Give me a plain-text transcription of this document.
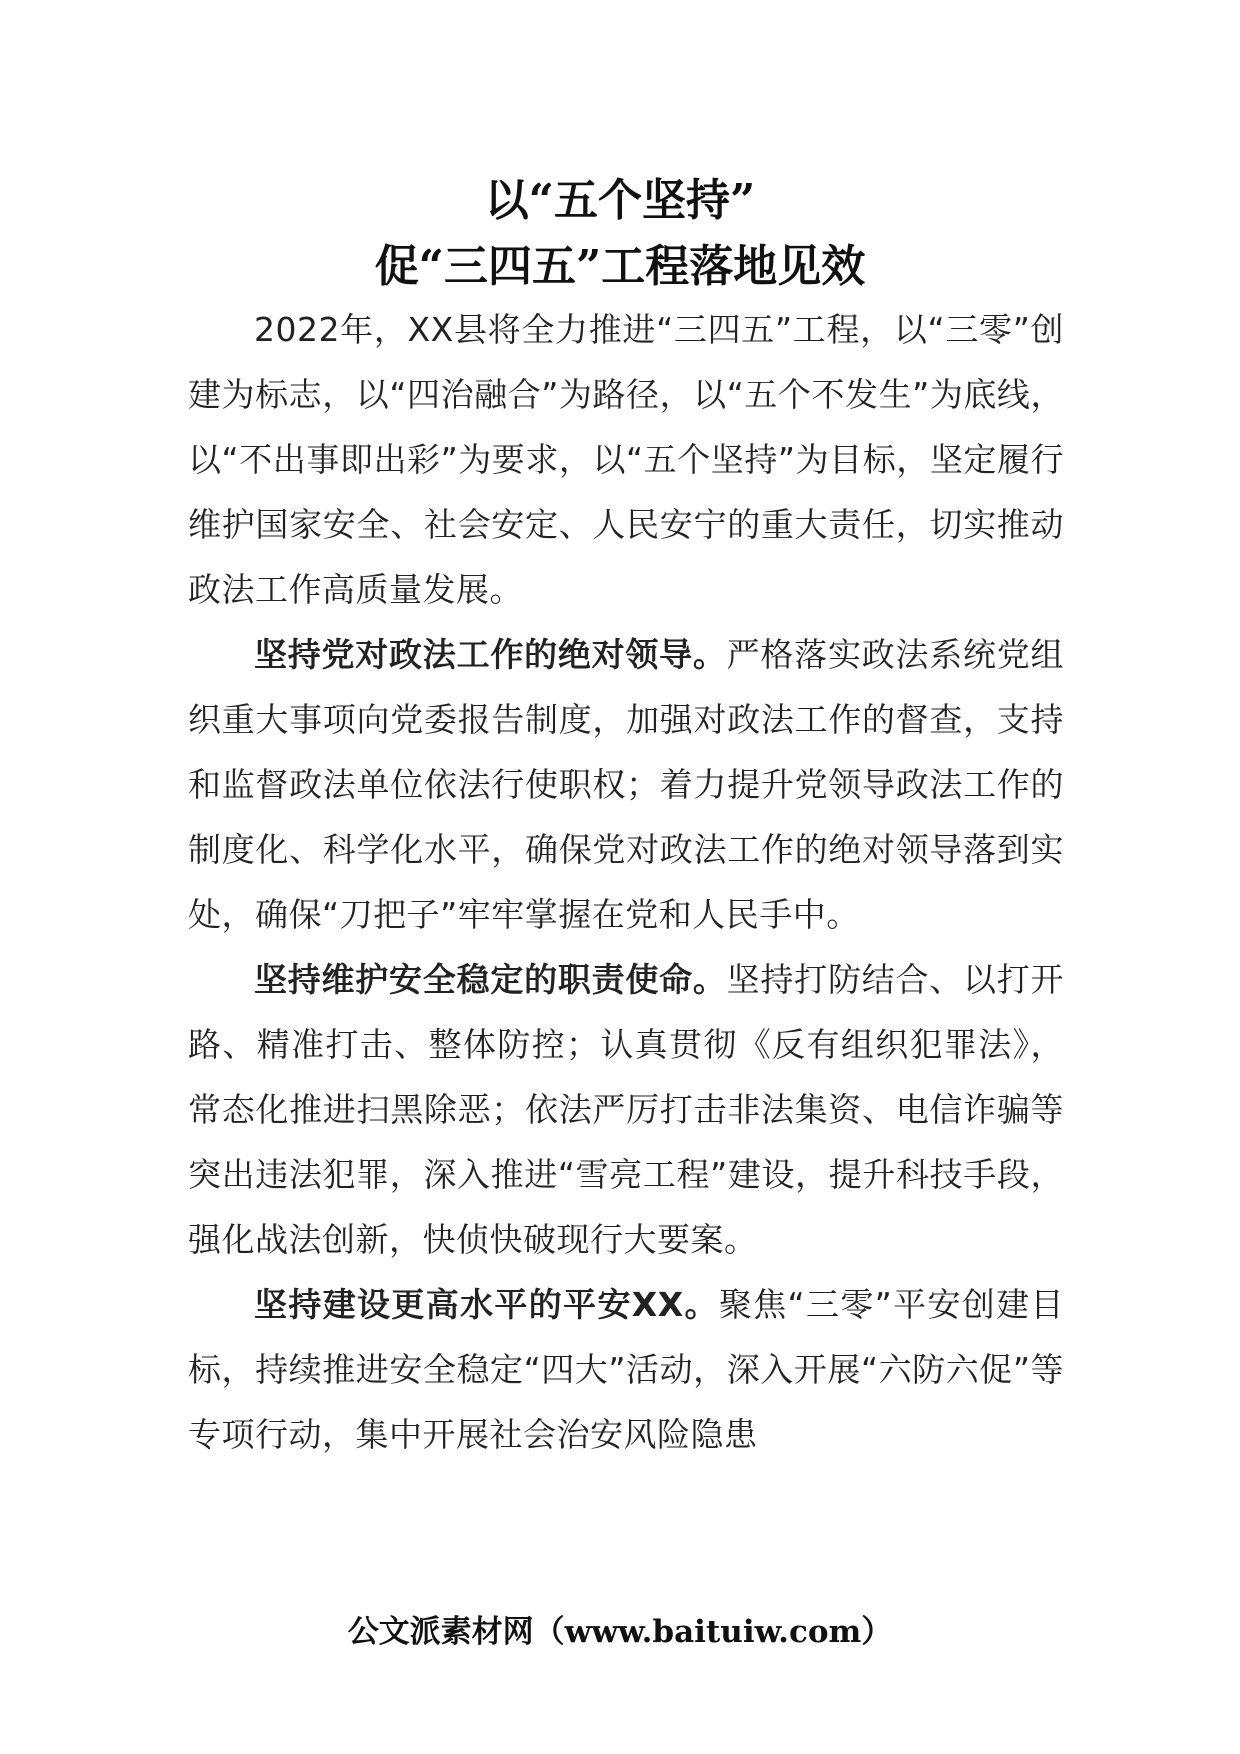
以“五个坚持”
促“三四五”工程落地见效

2022年，XX县将全力推进“三四五”工程，以“三零”创建为标志，以“四治融合”为路径，以“五个不发生”为底线，以“不出事即出彩”为要求，以“五个坚持”为目标，坚定履行维护国家安全、社会安定、人民安宁的重大责任，切实推动政法工作高质量发展。

坚持党对政法工作的绝对领导。严格落实政法系统党组织重大事项向党委报告制度，加强对政法工作的督查，支持和监督政法单位依法行使职权；着力提升党领导政法工作的制度化、科学化水平，确保党对政法工作的绝对领导落到实处，确保“刀把子”牢牢掌握在党和人民手中。

坚持维护安全稳定的职责使命。坚持打防结合、以打开路、精准打击、整体防控；认真贯彻《反有组织犯罪法》，常态化推进扫黑除恶；依法严厉打击非法集资、电信诈骗等突出违法犯罪，深入推进“雪亮工程”建设，提升科技手段，强化战法创新，快侦快破现行大要案。

坚持建设更高水平的平安XX。聚焦“三零”平安创建目标，持续推进安全稳定“四大”活动，深入开展“六防六促”等专项行动，集中开展社会治安风险隐患

公文派素材网（www.baituiw.com）
